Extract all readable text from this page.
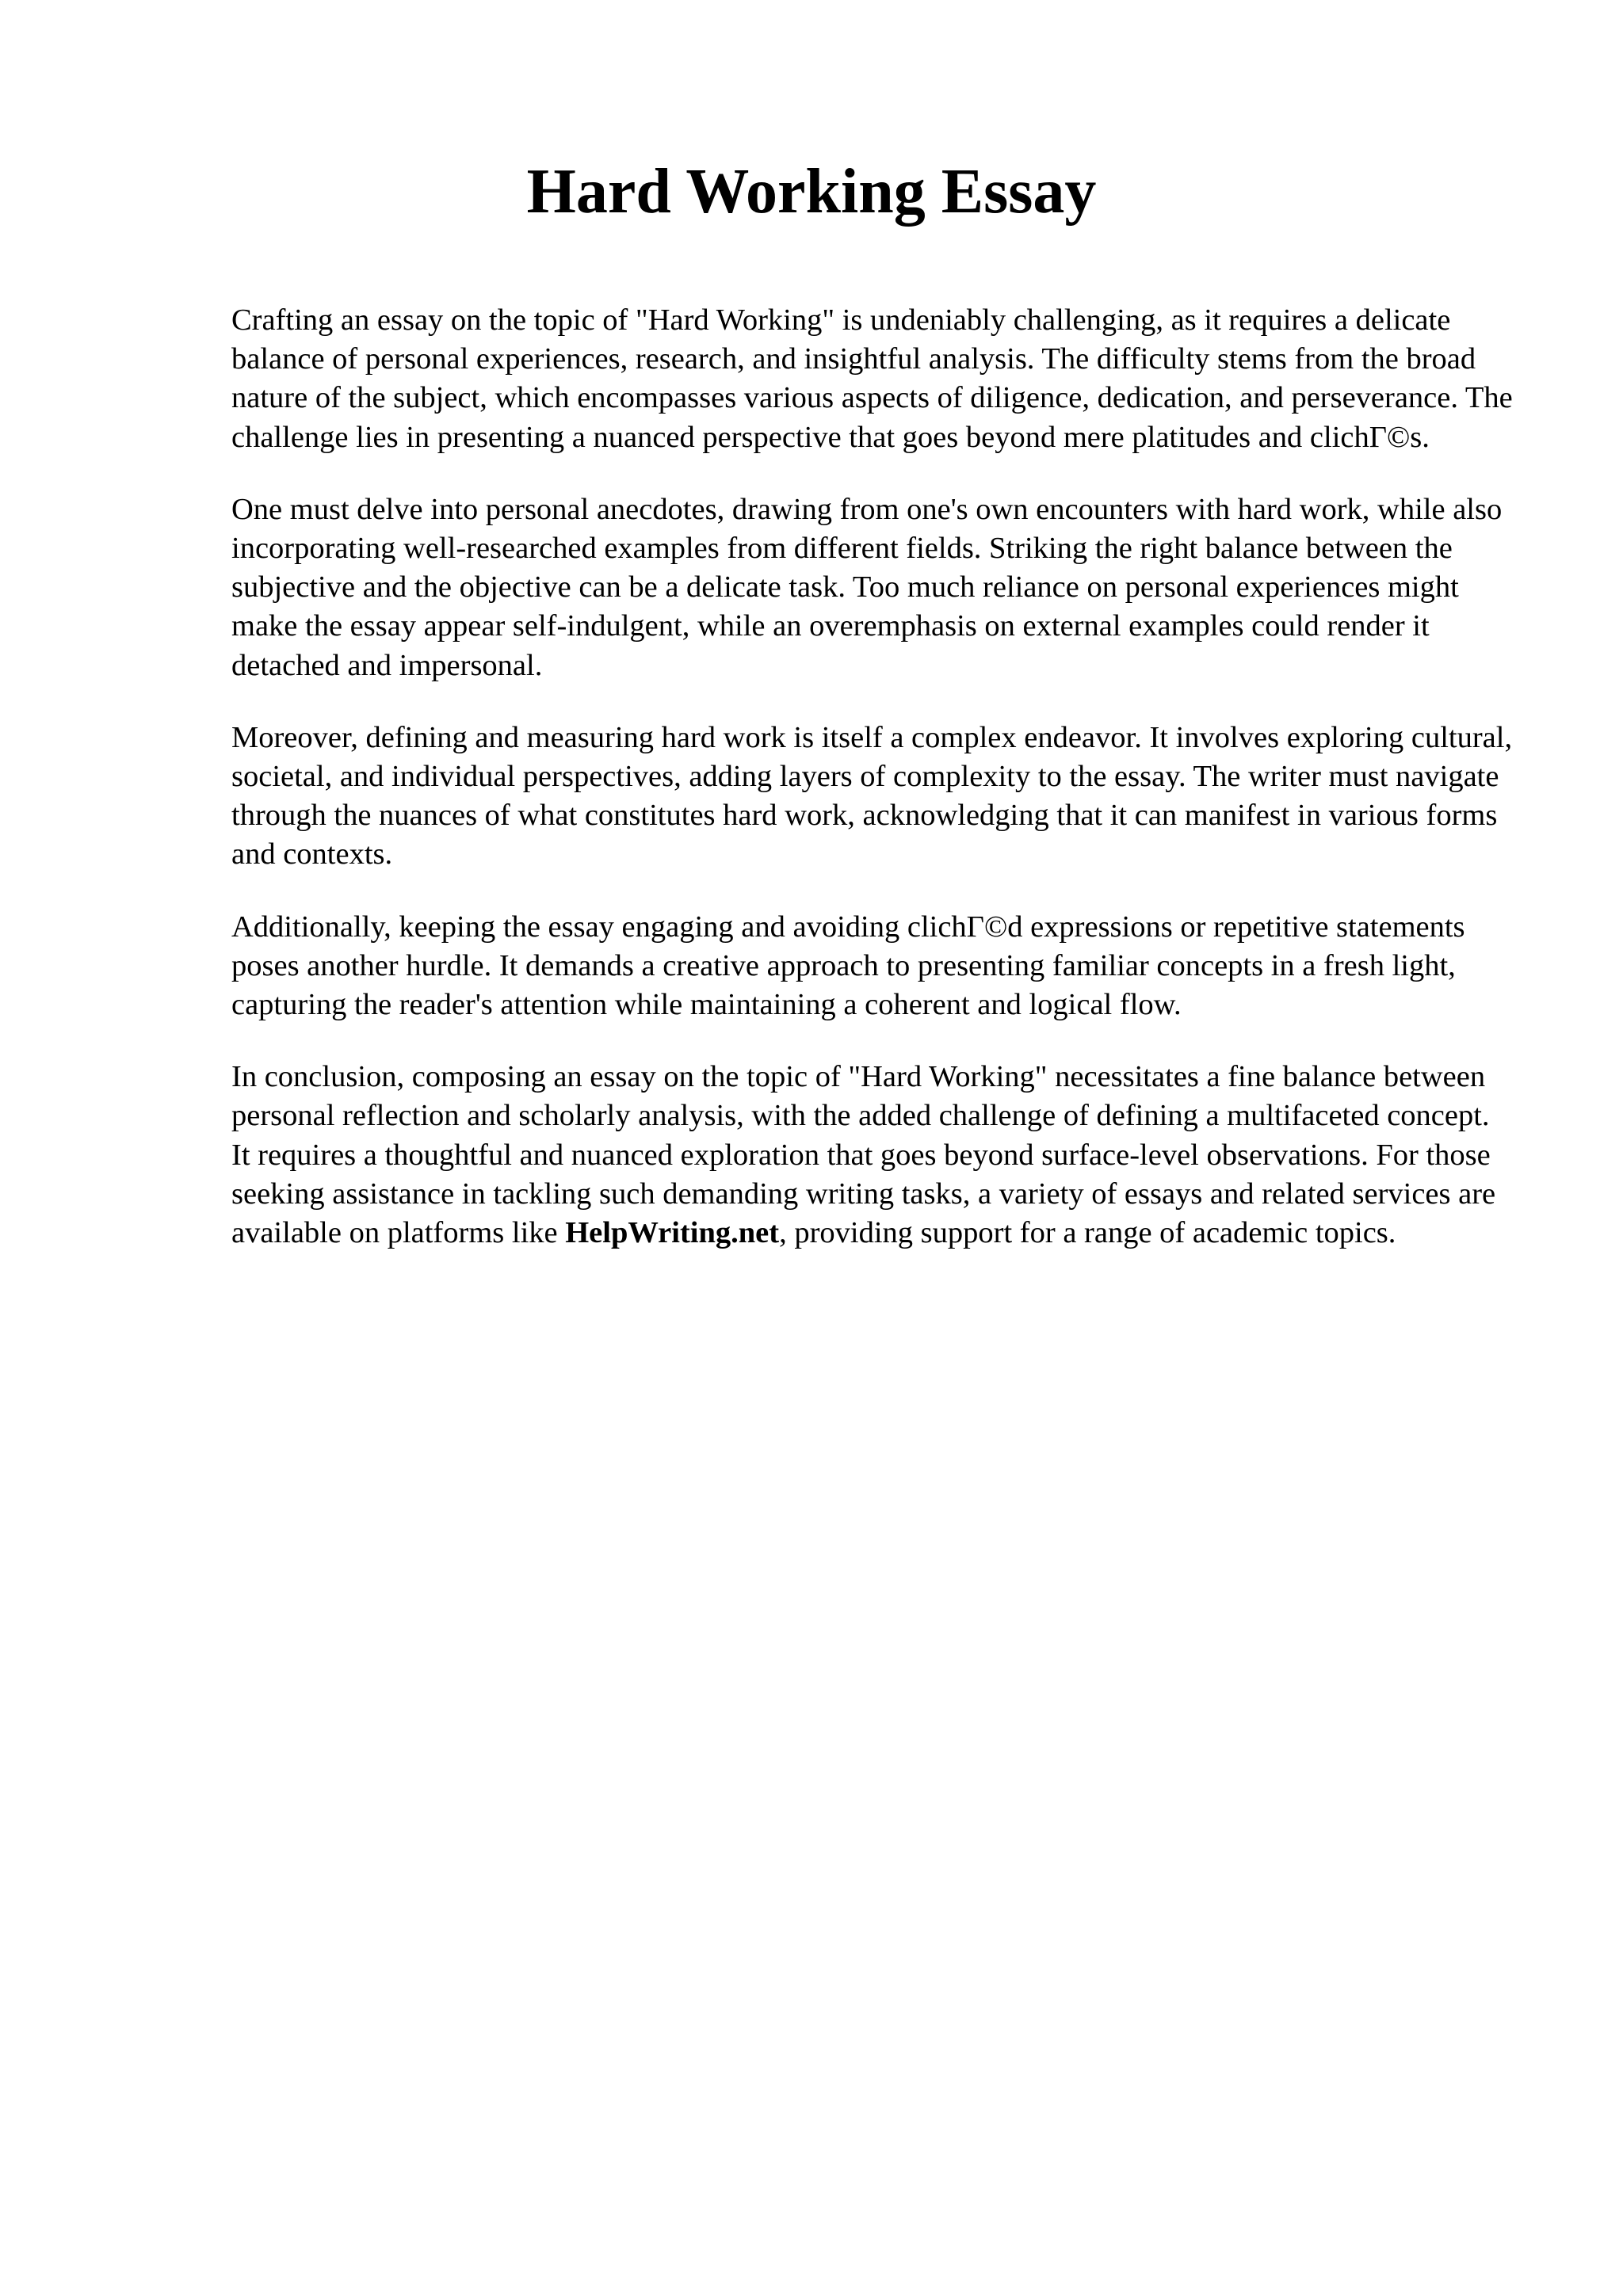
Hard Working Essay

Crafting an essay on the topic of "Hard Working" is undeniably challenging, as it requires a delicate balance of personal experiences, research, and insightful analysis. The difficulty stems from the broad nature of the subject, which encompasses various aspects of diligence, dedication, and perseverance. The challenge lies in presenting a nuanced perspective that goes beyond mere platitudes and clichΓ©s.

One must delve into personal anecdotes, drawing from one's own encounters with hard work, while also incorporating well-researched examples from different fields. Striking the right balance between the subjective and the objective can be a delicate task. Too much reliance on personal experiences might make the essay appear self-indulgent, while an overemphasis on external examples could render it detached and impersonal.

Moreover, defining and measuring hard work is itself a complex endeavor. It involves exploring cultural, societal, and individual perspectives, adding layers of complexity to the essay. The writer must navigate through the nuances of what constitutes hard work, acknowledging that it can manifest in various forms and contexts.

Additionally, keeping the essay engaging and avoiding clichΓ©d expressions or repetitive statements poses another hurdle. It demands a creative approach to presenting familiar concepts in a fresh light, capturing the reader's attention while maintaining a coherent and logical flow.

In conclusion, composing an essay on the topic of "Hard Working" necessitates a fine balance between personal reflection and scholarly analysis, with the added challenge of defining a multifaceted concept. It requires a thoughtful and nuanced exploration that goes beyond surface-level observations. For those seeking assistance in tackling such demanding writing tasks, a variety of essays and related services are available on platforms like HelpWriting.net, providing support for a range of academic topics.
